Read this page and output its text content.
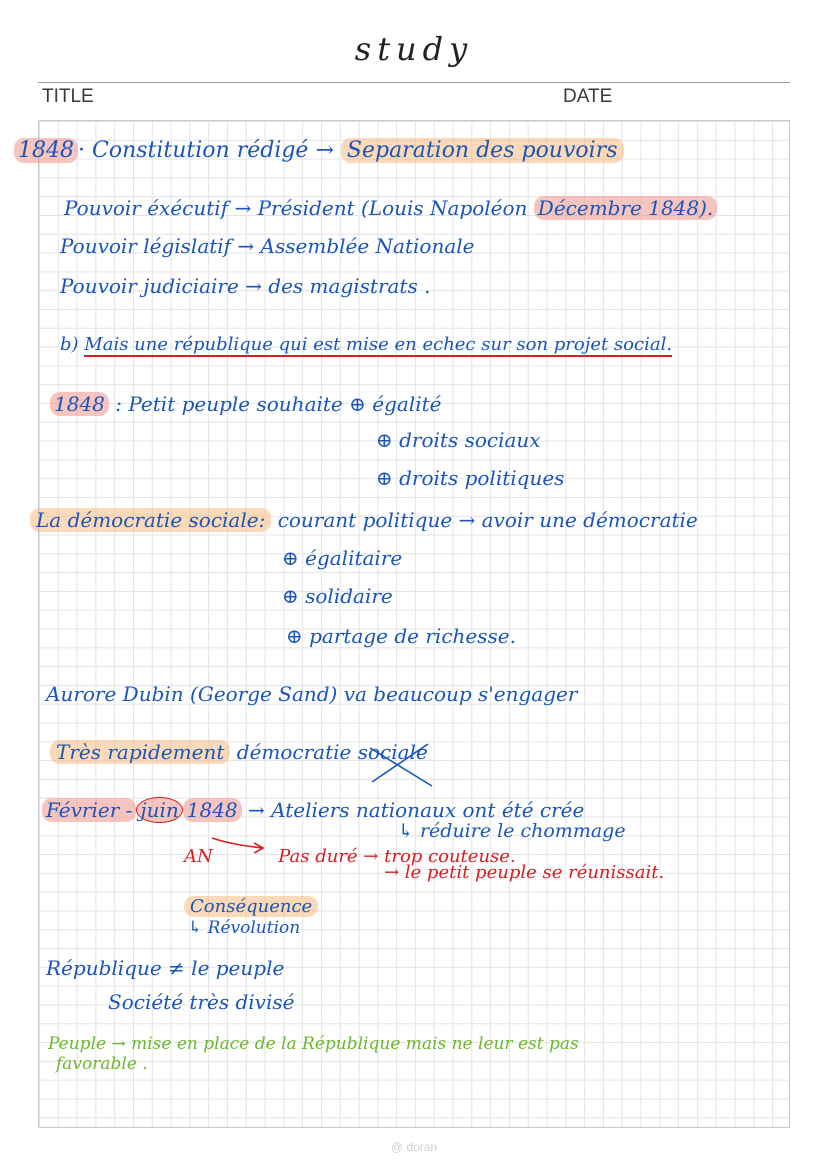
study
TITLE	DATE
1848 · Constitution rédigé → Separation des pouvoirs
Pouvoir éxécutif → Président (Louis Napoléon Décembre 1848).
Pouvoir législatif → Assemblée Nationale
Pouvoir judiciaire → des magistrats .
b) Mais une république qui est mise en echec sur son projet social.
1848 : Petit peuple souhaite ⊕ égalité
⊕ droits sociaux
⊕ droits politiques
La démocratie sociale: courant politique → avoir une démocratie
⊕ égalitaire
⊕ solidaire
⊕ partage de richesse.
Aurore Dubin (George Sand) va beaucoup s'engager
Très rapidement démocratie sociale
Février - juin 1848 → Ateliers nationaux ont été crée
↳ réduire le chommage
AN	Pas duré → trop couteuse.
→ le petit peuple se réunissait.
Conséquence
↳ Révolution
République ≠ le peuple
Société très divisé
Peuple → mise en place de la République mais ne leur est pas
favorable .
@ doran
